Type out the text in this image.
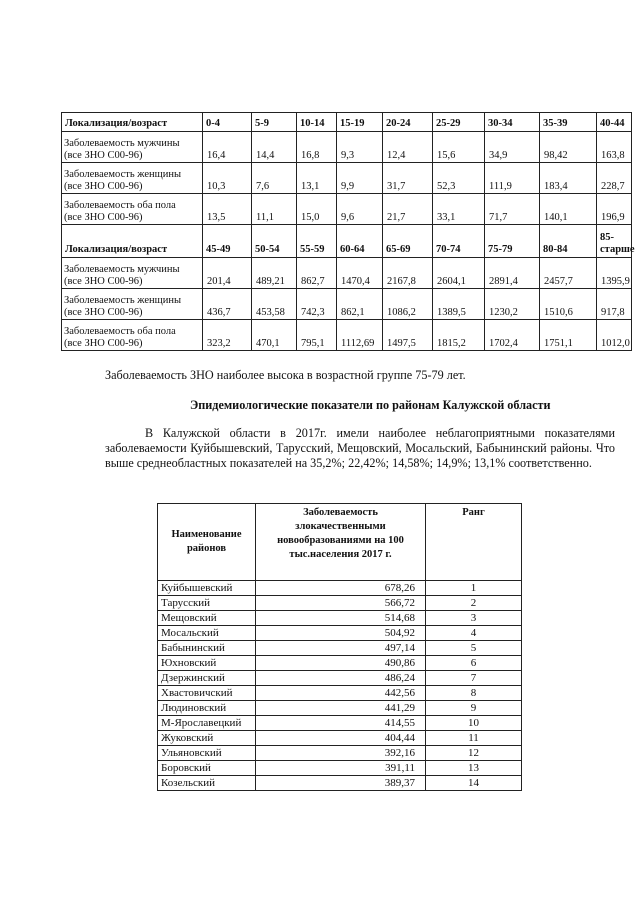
Локализация/возраст	0-4	5-9	10-14	15-19	20-24	25-29	30-34	35-39	40-44

Заболеваемость мужчины
(все ЗНО С00-96)	16,4	14,4	16,8	9,3	12,4	15,6	34,9	98,42	163,8

Заболеваемость женщины
(все ЗНО С00-96)	10,3	7,6	13,1	9,9	31,7	52,3	111,9	183,4	228,7

Заболеваемость оба пола
(все ЗНО С00-96)	13,5	11,1	15,0	9,6	21,7	33,1	71,7	140,1	196,9
Локализация/возраст	45-49	50-54	55-59	60-64	65-69	70-74	75-79	80-84	85-старше

Заболеваемость мужчины
(все ЗНО С00-96)	201,4	489,21	862,7	1470,4	2167,8	2604,1	2891,4	2457,7	1395,9

Заболеваемость женщины
(все ЗНО С00-96)	436,7	453,58	742,3	862,1	1086,2	1389,5	1230,2	1510,6	917,8

Заболеваемость оба пола
(все ЗНО С00-96)	323,2	470,1	795,1	1112,69	1497,5	1815,2	1702,4	1751,1	1012,0

Заболеваемость ЗНО наиболее высока в возрастной группе 75-79 лет.

Эпидемиологические показатели по районам Калужской области

В Калужской области в 2017г. имели наиболее неблагоприятными показателями заболеваемости Куйбышевский, Тарусский, Мещовский, Мосальский, Бабынинский районы. Что выше среднеобластных показателей на 35,2%; 22,42%; 14,58%; 14,9%; 13,1% соответственно.

Наименование районов	Заболеваемость злокачественными новообразованиями на 100 тыс.населения 2017 г.	Ранг
Куйбышевский	678,26	1
Тарусский	566,72	2
Мещовский	514,68	3
Мосальский	504,92	4
Бабынинский	497,14	5
Юхновский	490,86	6
Дзержинский	486,24	7
Хвастовичский	442,56	8
Людиновский	441,29	9
М-Ярославецкий	414,55	10
Жуковский	404,44	11
Ульяновский	392,16	12
Боровский	391,11	13
Козельский	389,37	14
